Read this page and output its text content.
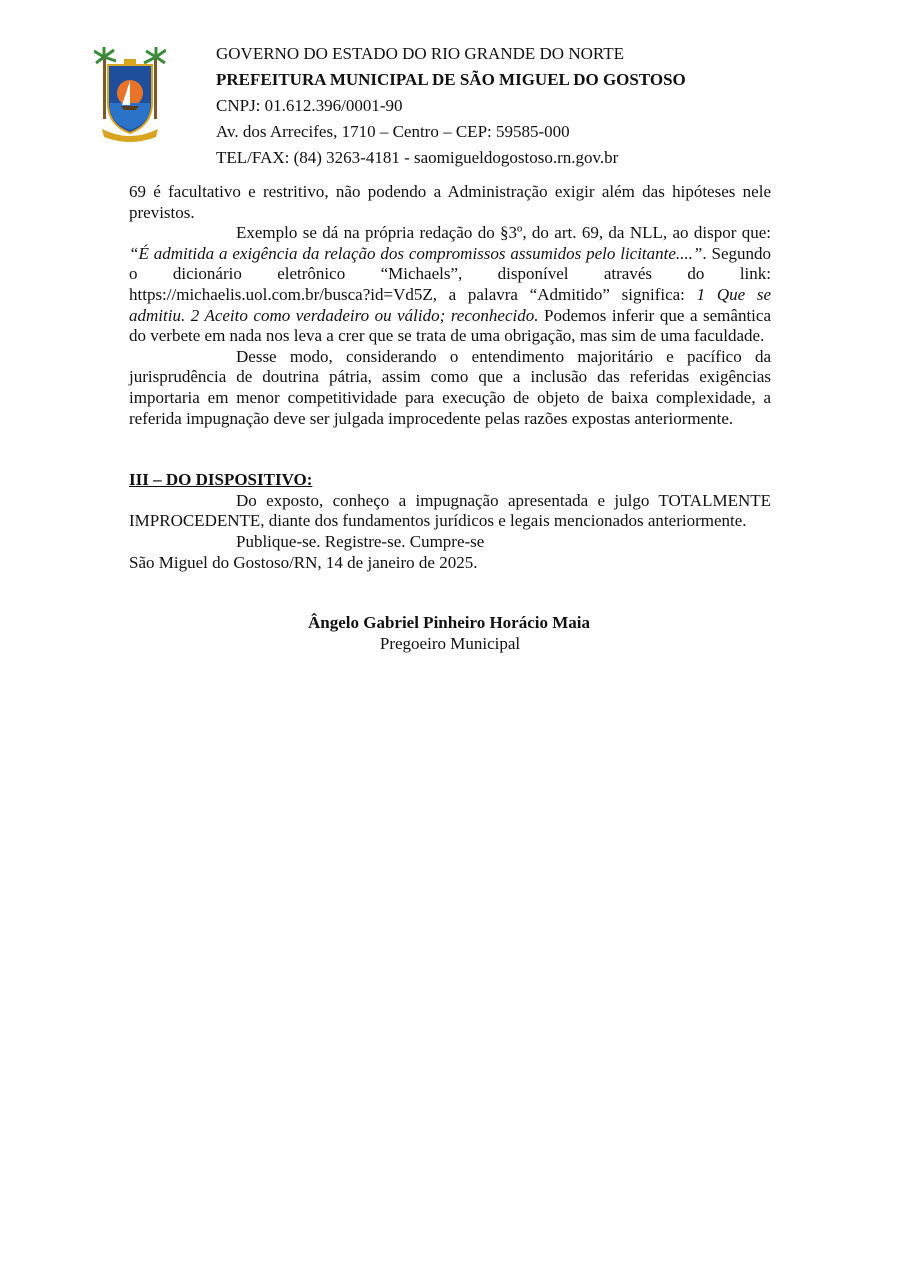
GOVERNO DO ESTADO DO RIO GRANDE DO NORTE
PREFEITURA MUNICIPAL DE SÃO MIGUEL DO GOSTOSO
CNPJ: 01.612.396/0001-90
Av. dos Arrecifes, 1710 – Centro – CEP: 59585-000
TEL/FAX: (84) 3263-4181 - saomigueldogostoso.rn.gov.br

69 é facultativo e restritivo, não podendo a Administração exigir além das hipóteses nele previstos.

Exemplo se dá na própria redação do §3º, do art. 69, da NLL, ao dispor que: “É admitida a exigência da relação dos compromissos assumidos pelo licitante....”. Segundo o dicionário eletrônico “Michaels”, disponível através do link: https://michaelis.uol.com.br/busca?id=Vd5Z, a palavra “Admitido” significa: 1 Que se admitiu. 2 Aceito como verdadeiro ou válido; reconhecido. Podemos inferir que a semântica do verbete em nada nos leva a crer que se trata de uma obrigação, mas sim de uma faculdade.

Desse modo, considerando o entendimento majoritário e pacífico da jurisprudência de doutrina pátria, assim como que a inclusão das referidas exigências importaria em menor competitividade para execução de objeto de baixa complexidade, a referida impugnação deve ser julgada improcedente pelas razões expostas anteriormente.

III – DO DISPOSITIVO:

Do exposto, conheço a impugnação apresentada e julgo TOTALMENTE IMPROCEDENTE, diante dos fundamentos jurídicos e legais mencionados anteriormente.

Publique-se. Registre-se. Cumpre-se

São Miguel do Gostoso/RN, 14 de janeiro de 2025.

Ângelo Gabriel Pinheiro Horácio Maia
Pregoeiro Municipal
